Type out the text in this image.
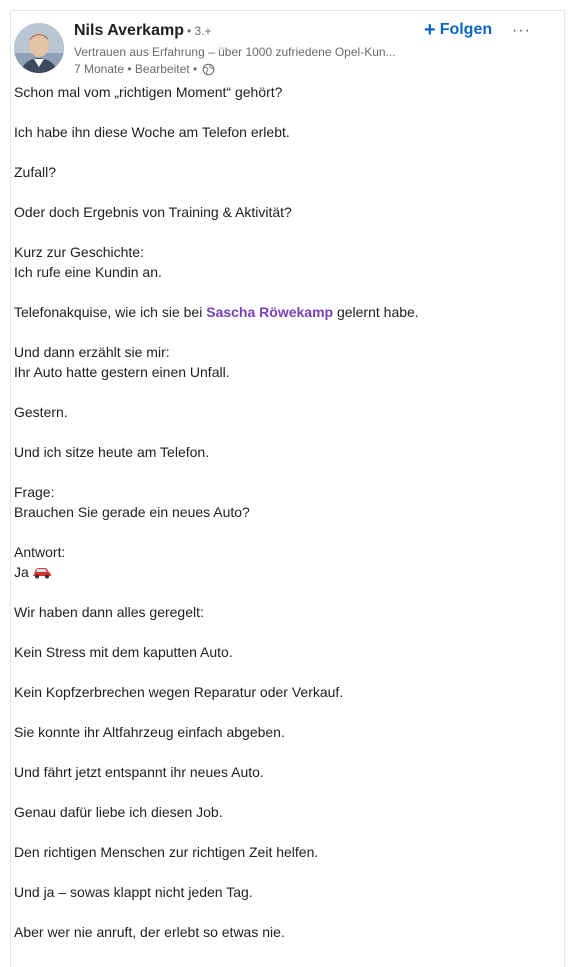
Nils Averkamp • 3.+
Vertrauen aus Erfahrung – über 1000 zufriedene Opel-Kun...
7 Monate • Bearbeitet •
+ Folgen ···
Schon mal vom „richtigen Moment“ gehört?
Ich habe ihn diese Woche am Telefon erlebt.
Zufall?
Oder doch Ergebnis von Training & Aktivität?
Kurz zur Geschichte:
Ich rufe eine Kundin an.
Telefonakquise, wie ich sie bei Sascha Röwekamp gelernt habe.
Und dann erzählt sie mir:
Ihr Auto hatte gestern einen Unfall.
Gestern.
Und ich sitze heute am Telefon.
Frage:
Brauchen Sie gerade ein neues Auto?
Antwort:
Ja
Wir haben dann alles geregelt:
Kein Stress mit dem kaputten Auto.
Kein Kopfzerbrechen wegen Reparatur oder Verkauf.
Sie konnte ihr Altfahrzeug einfach abgeben.
Und fährt jetzt entspannt ihr neues Auto.
Genau dafür liebe ich diesen Job.
Den richtigen Menschen zur richtigen Zeit helfen.
Und ja – sowas klappt nicht jeden Tag.
Aber wer nie anruft, der erlebt so etwas nie.
